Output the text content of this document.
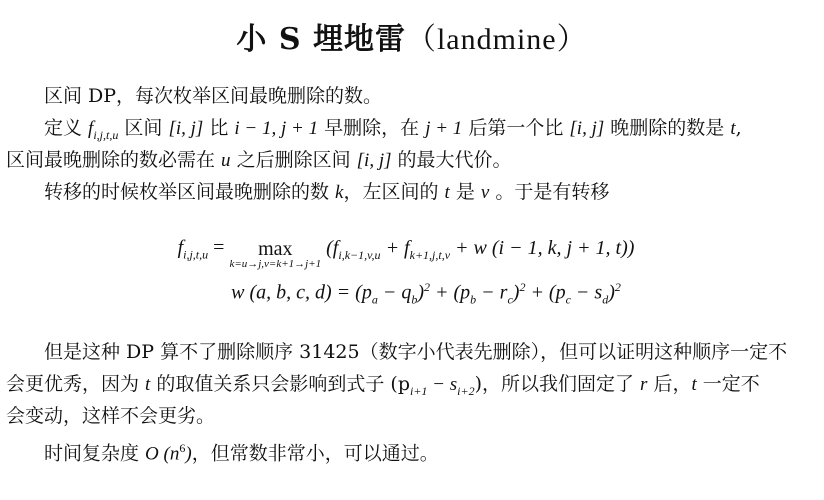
小 S 埋地雷（landmine）
区间 DP，每次枚举区间最晚删除的数。
定义 $f_{i,j,t,u}$ 区间 [i, j] 比 i − 1, j + 1 早删除，在 j + 1 后第一个比 [i, j] 晚删除的数是 t,
区间最晚删除的数必需在 u 之后删除区间 [i, j] 的最大代价。
转移的时候枚举区间最晚删除的数 k，左区间的 t 是 v 。于是有转移
$f_{i,j,t,u}$ =	max
k=u→j,v=k+1→j+1
($f_{i,k-1,v,u} + f_{k+1,j,t,v} + w$ (i − 1, k, j + 1, t))
w (a, b, c, $d) = (p_a - q_b)^2 + (p_b - r_c)^2 + (p_c - s_d)^2$
但是这种 DP 算不了删除顺序 31425（数字小代表先删除），但可以证明这种顺序一定不
会更优秀，因为 t 的取值关系只会影响到式子 $(p_{i+1} - s_{i+2})$，所以我们固定了 r 后，t 一定不
会变动，这样不会更劣。
时间复杂度 O $(n^6)$，但常数非常小，可以通过。
